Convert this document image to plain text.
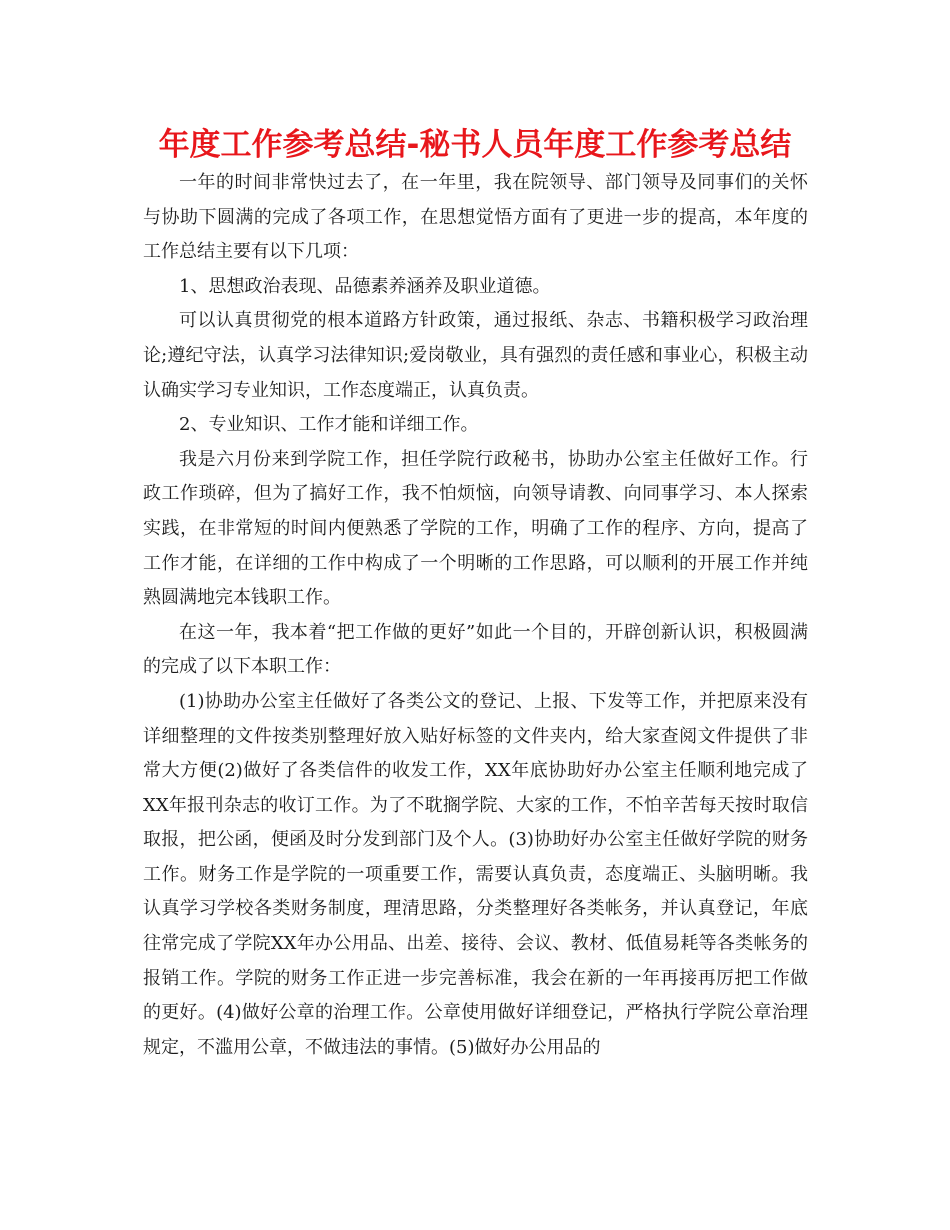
年度工作参考总结-秘书人员年度工作参考总结

一年的时间非常快过去了，在一年里，我在院领导、部门领导及同事们的关怀与协助下圆满的完成了各项工作，在思想觉悟方面有了更进一步的提高，本年度的工作总结主要有以下几项：

1、思想政治表现、品德素养涵养及职业道德。

可以认真贯彻党的根本道路方针政策，通过报纸、杂志、书籍积极学习政治理论;遵纪守法，认真学习法律知识;爱岗敬业，具有强烈的责任感和事业心，积极主动认确实学习专业知识，工作态度端正，认真负责。

2、专业知识、工作才能和详细工作。

我是六月份来到学院工作，担任学院行政秘书，协助办公室主任做好工作。行政工作琐碎，但为了搞好工作，我不怕烦恼，向领导请教、向同事学习、本人探索实践，在非常短的时间内便熟悉了学院的工作，明确了工作的程序、方向，提高了工作才能，在详细的工作中构成了一个明晰的工作思路，可以顺利的开展工作并纯熟圆满地完本钱职工作。

在这一年，我本着“把工作做的更好”如此一个目的，开辟创新认识，积极圆满的完成了以下本职工作：

(1)协助办公室主任做好了各类公文的登记、上报、下发等工作，并把原来没有详细整理的文件按类别整理好放入贴好标签的文件夹内，给大家查阅文件提供了非常大方便(2)做好了各类信件的收发工作，XX年底协助好办公室主任顺利地完成了XX年报刊杂志的收订工作。为了不耽搁学院、大家的工作，不怕辛苦每天按时取信取报，把公函，便函及时分发到部门及个人。(3)协助好办公室主任做好学院的财务工作。财务工作是学院的一项重要工作，需要认真负责，态度端正、头脑明晰。我认真学习学校各类财务制度，理清思路，分类整理好各类帐务，并认真登记，年底往常完成了学院XX年办公用品、出差、接待、会议、教材、低值易耗等各类帐务的报销工作。学院的财务工作正进一步完善标准，我会在新的一年再接再厉把工作做的更好。(4)做好公章的治理工作。公章使用做好详细登记，严格执行学院公章治理规定，不滥用公章，不做违法的事情。(5)做好办公用品的
